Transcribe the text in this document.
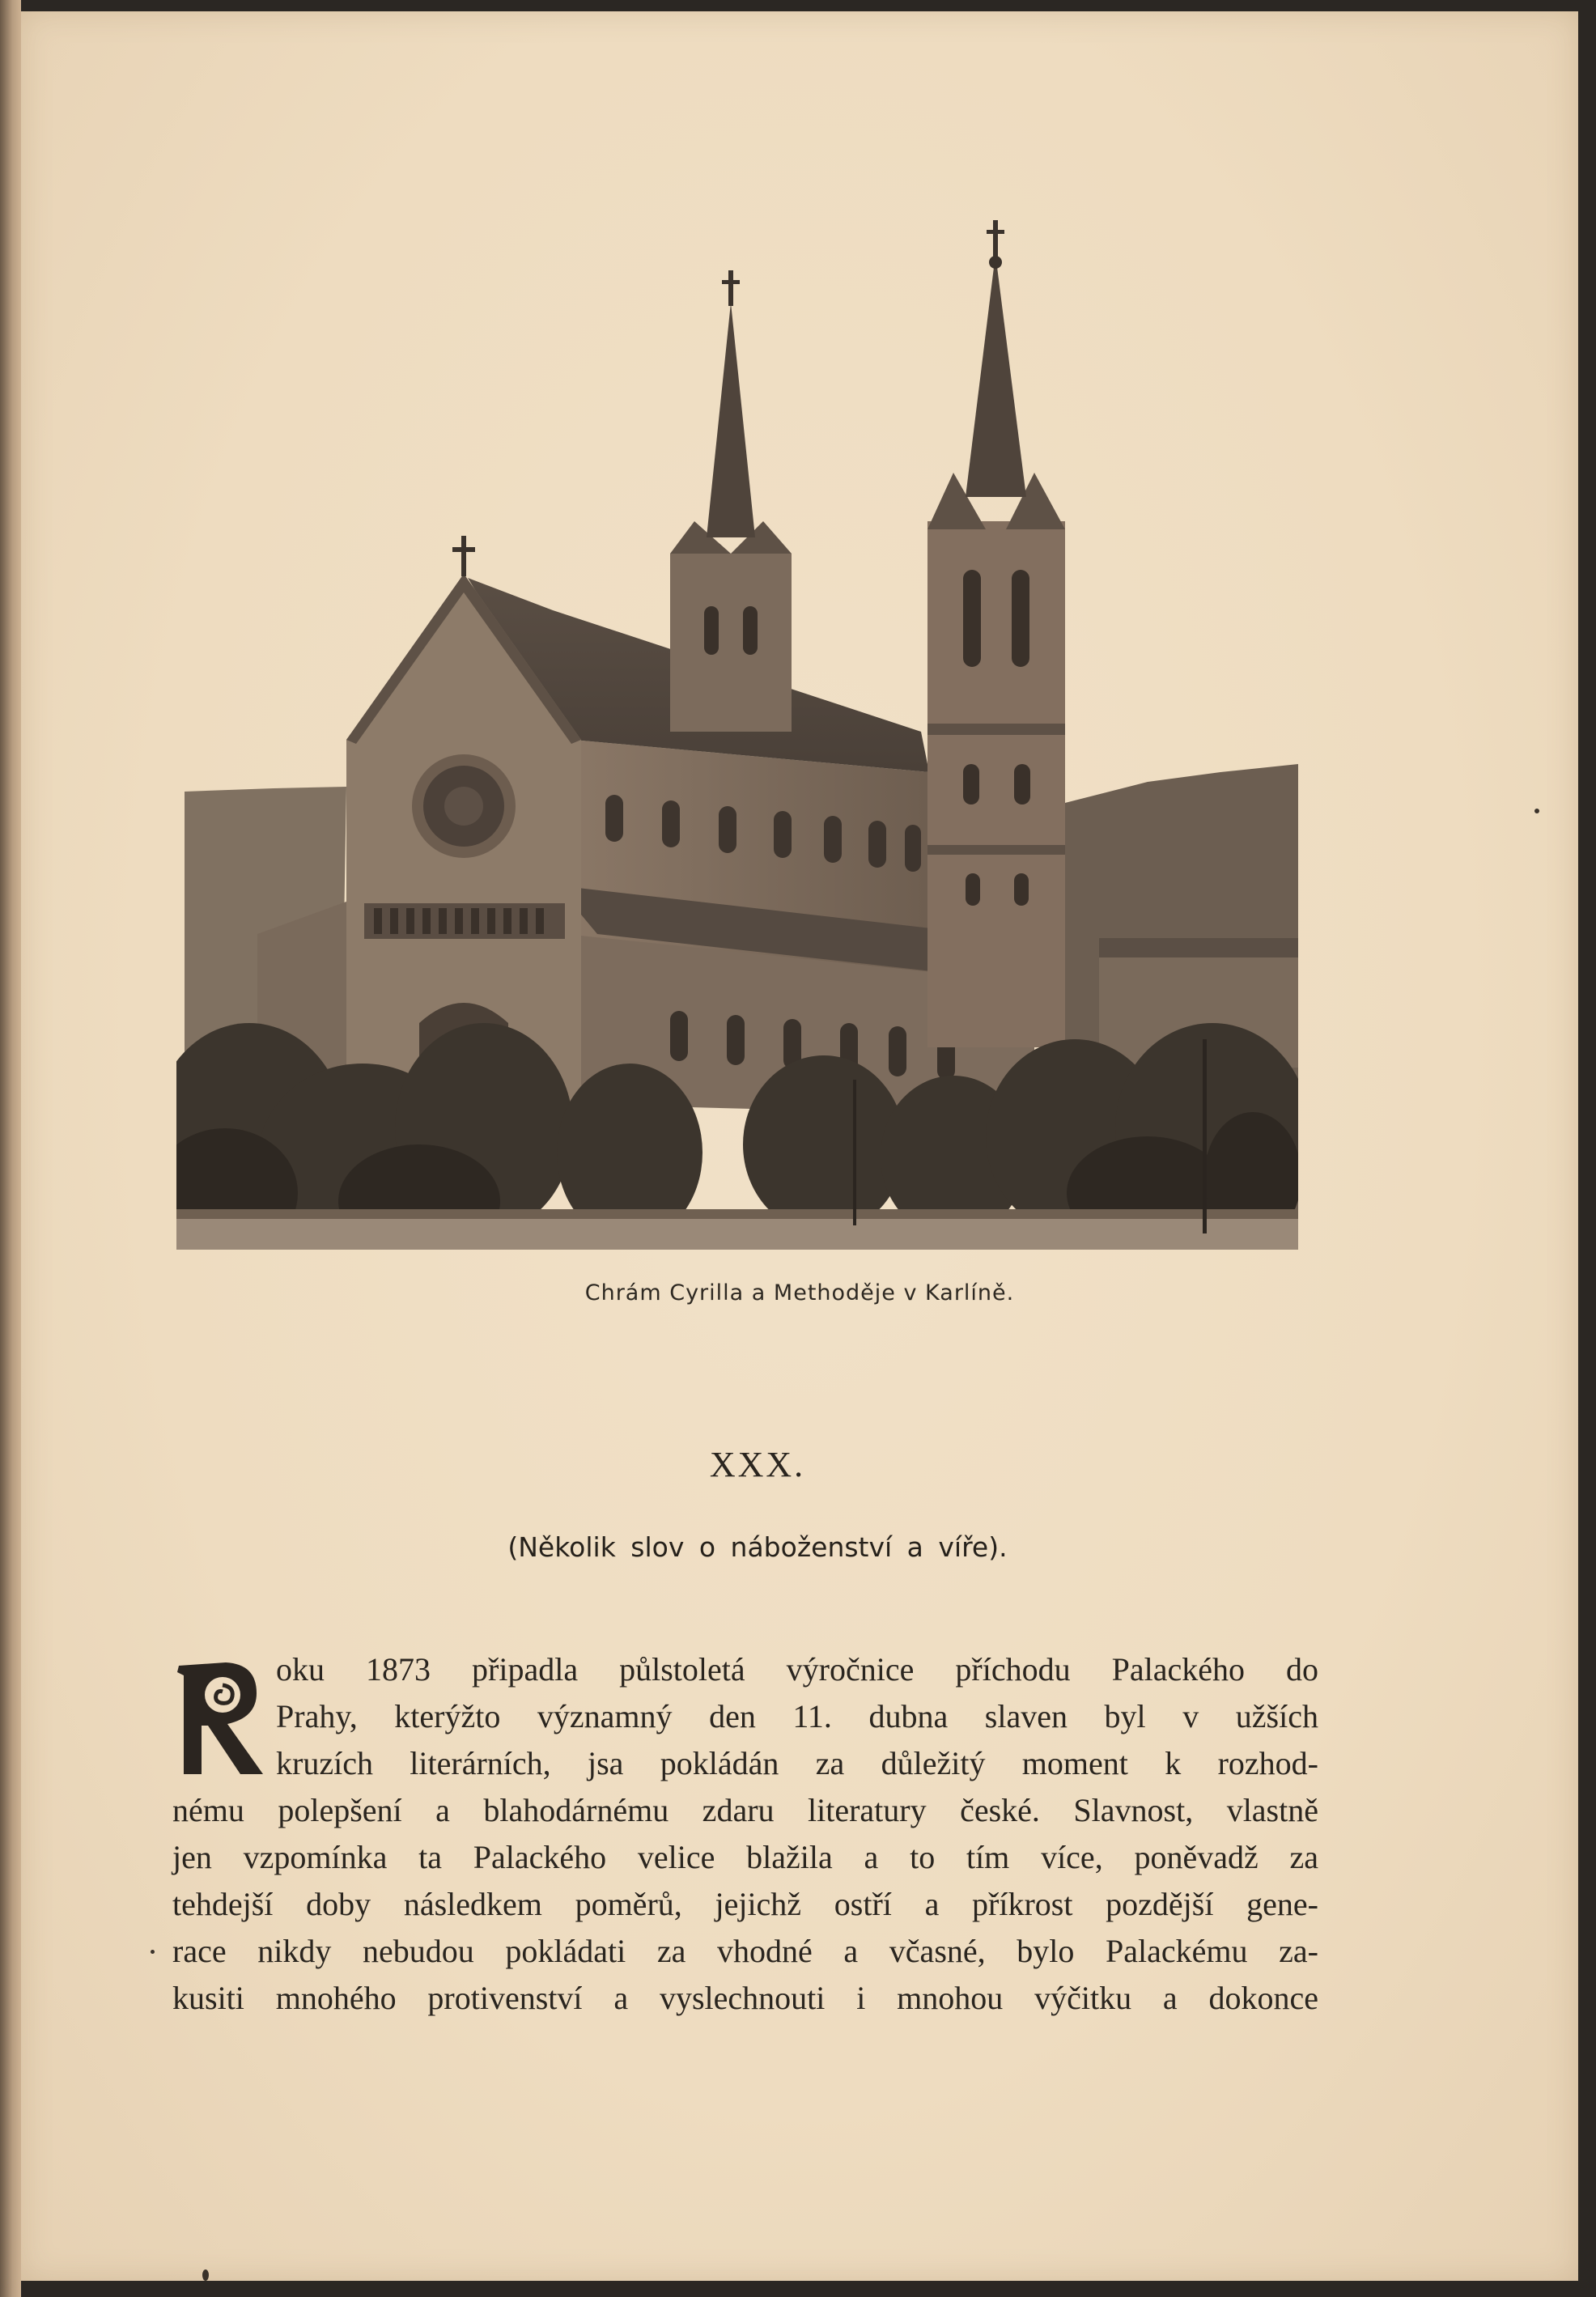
Chrám Cyrilla a Methoděje v Karlíně.
XXX.
(Několik slov o náboženství a víře).
oku 1873 připadla půlstoletá výročnice příchodu Palackého do
Prahy, kterýžto významný den 11. dubna slaven byl v užších
kruzích literárních, jsa pokládán za důležitý moment k rozhod-
nému polepšení a blahodárnému zdaru literatury české. Slavnost, vlastně
jen vzpomínka ta Palackého velice blažila a to tím více, poněvadž za
tehdejší doby následkem poměrů, jejichž ostří a příkrost pozdější gene-
race nikdy nebudou pokládati za vhodné a včasné, bylo Palackému za-
kusiti mnohého protivenství a vyslechnouti i mnohou výčitku a dokonce
